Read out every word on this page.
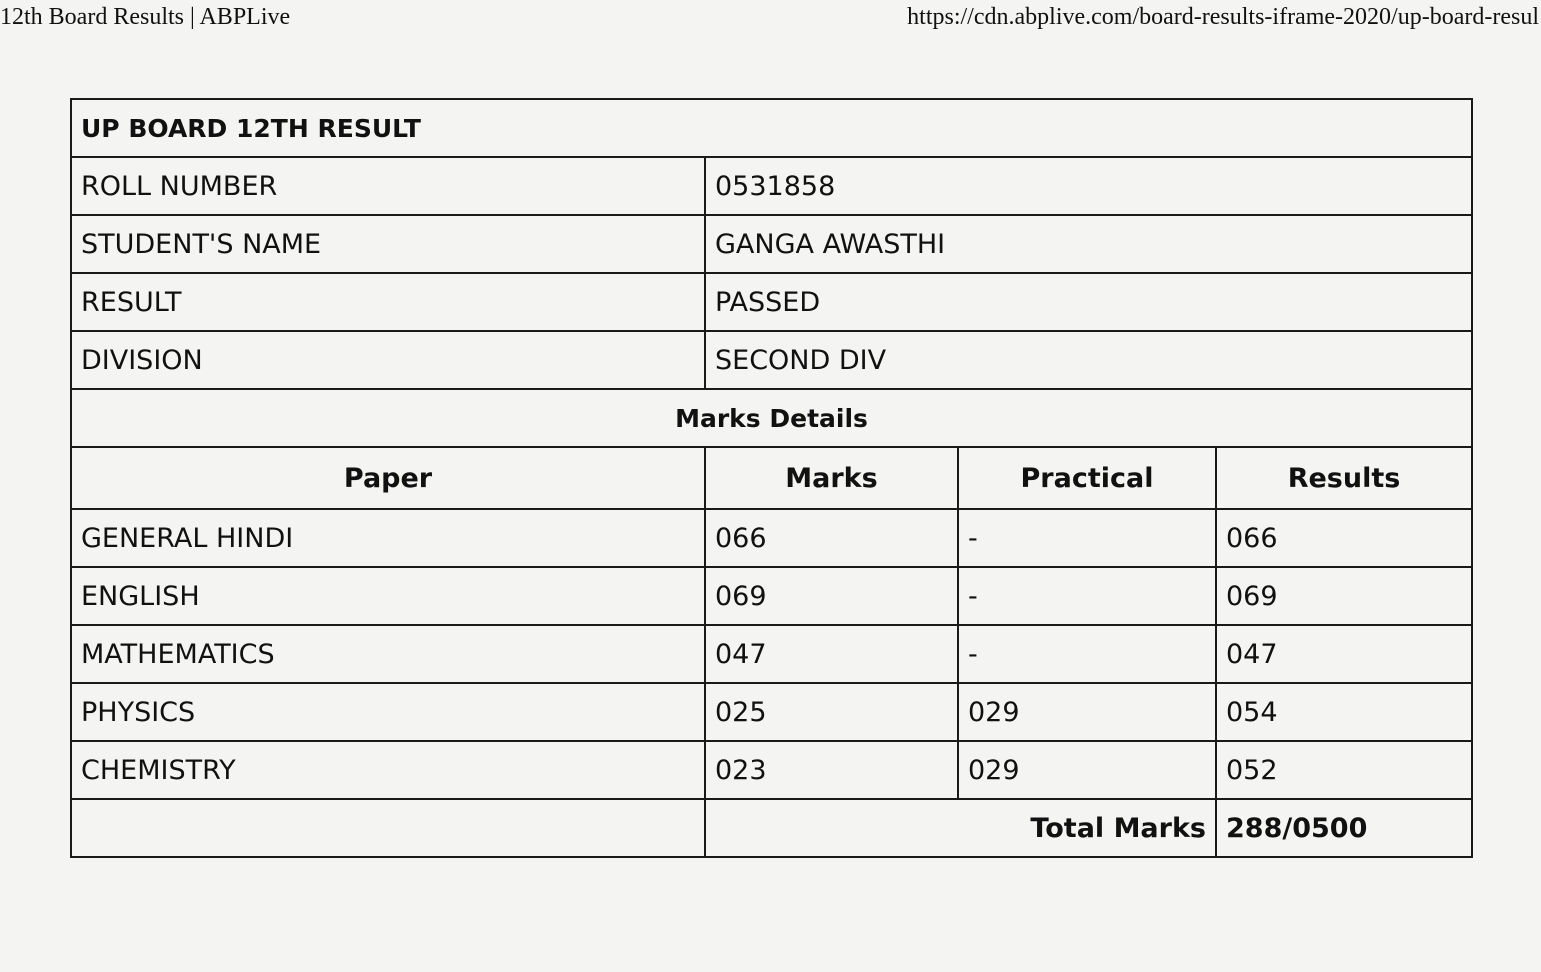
12th Board Results | ABPLive	https://cdn.abplive.com/board-results-iframe-2020/up-board-resul
UP BOARD 12TH RESULT			
ROLL NUMBER	0531858		
STUDENT'S NAME	GANGA AWASTHI		
RESULT	PASSED		
DIVISION	SECOND DIV		
Marks Details			
Paper	Marks	Practical	Results
GENERAL HINDI	066	-	066
ENGLISH	069	-	069
MATHEMATICS	047	-	047
PHYSICS	025	029	054
CHEMISTRY	023	029	052
	Total Marks		288/0500
